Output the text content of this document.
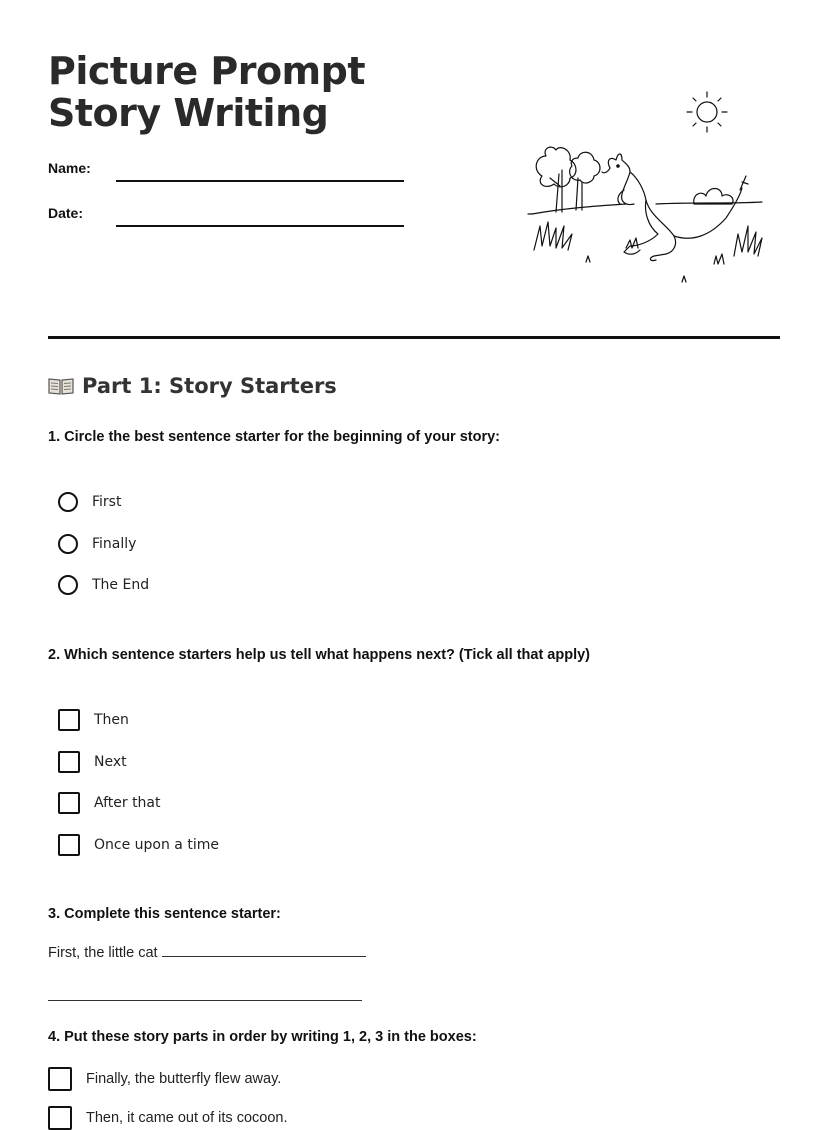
Picture Prompt Story Writing
Name:
Date:
Part 1: Story Starters
1. Circle the best sentence starter for the beginning of your story:
First
Finally
The End
2. Which sentence starters help us tell what happens next? (Tick all that apply)
Then
Next
After that
Once upon a time
3. Complete this sentence starter:
First, the little cat
4. Put these story parts in order by writing 1, 2, 3 in the boxes:
Finally, the butterfly flew away.
Then, it came out of its cocoon.
